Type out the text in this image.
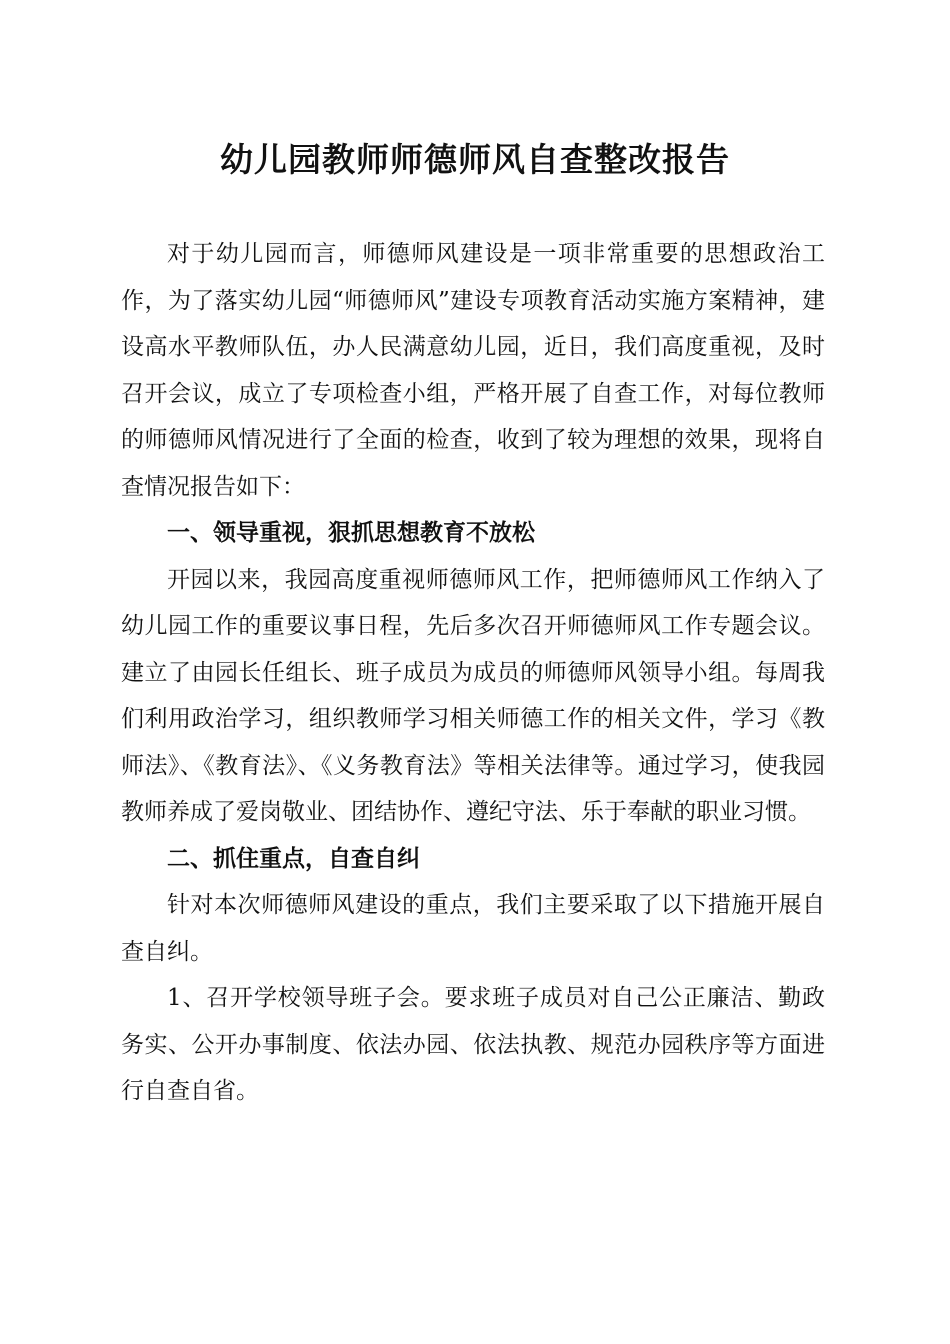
幼儿园教师师德师风自查整改报告

对于幼儿园而言，师德师风建设是一项非常重要的思想政治工作，为了落实幼儿园“师德师风”建设专项教育活动实施方案精神，建设高水平教师队伍，办人民满意幼儿园，近日，我们高度重视，及时召开会议，成立了专项检查小组，严格开展了自查工作，对每位教师的师德师风情况进行了全面的检查，收到了较为理想的效果，现将自查情况报告如下：

一、领导重视，狠抓思想教育不放松

开园以来，我园高度重视师德师风工作，把师德师风工作纳入了幼儿园工作的重要议事日程，先后多次召开师德师风工作专题会议。建立了由园长任组长、班子成员为成员的师德师风领导小组。每周我们利用政治学习，组织教师学习相关师德工作的相关文件，学习《教师法》、《教育法》、《义务教育法》等相关法律等。通过学习，使我园教师养成了爱岗敬业、团结协作、遵纪守法、乐于奉献的职业习惯。

二、抓住重点，自查自纠

针对本次师德师风建设的重点，我们主要采取了以下措施开展自查自纠。

1、召开学校领导班子会。要求班子成员对自己公正廉洁、勤政务实、公开办事制度、依法办园、依法执教、规范办园秩序等方面进行自查自省。
